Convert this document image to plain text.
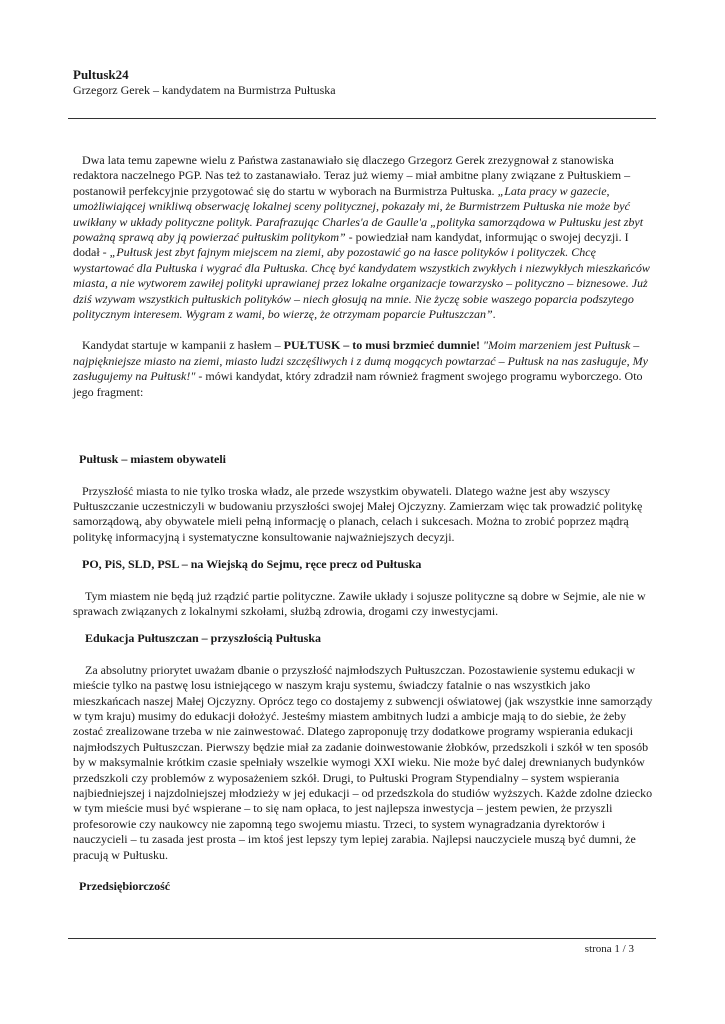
Pultusk24
Grzegorz Gerek – kandydatem na Burmistrza Pułtuska

Dwa lata temu zapewne wielu z Państwa zastanawiało się dlaczego Grzegorz Gerek zrezygnował z stanowiska redaktora naczelnego PGP. Nas też to zastanawiało. Teraz już wiemy – miał ambitne plany związane z Pułtuskiem – postanowił perfekcyjnie przygotować się do startu w wyborach na Burmistrza Pułtuska. „Lata pracy w gazecie, umożliwiającej wnikliwą obserwację lokalnej sceny politycznej, pokazały mi, że Burmistrzem Pułtuska nie może być uwikłany w układy polityczne polityk. Parafrazując Charles'a de Gaulle'a „polityka samorządowa w Pułtusku jest zbyt poważną sprawą aby ją powierzać pułtuskim politykom” - powiedział nam kandydat, informując o swojej decyzji. I dodał - „Pułtusk jest zbyt fajnym miejscem na ziemi, aby pozostawić go na łasce polityków i polityczek. Chcę wystartować dla Pułtuska i wygrać dla Pułtuska. Chcę być kandydatem wszystkich zwykłych i niezwykłych mieszkańców miasta, a nie wytworem zawiłej polityki uprawianej przez lokalne organizacje towarzysko – polityczno – biznesowe. Już dziś wzywam wszystkich pułtuskich polityków – niech głosują na mnie. Nie życzę sobie waszego poparcia podszytego politycznym interesem. Wygram z wami, bo wierzę, że otrzymam poparcie Pułtuszczan”.

Kandydat startuje w kampanii z hasłem – PUŁTUSK – to musi brzmieć dumnie! "Moim marzeniem jest Pułtusk – najpiękniejsze miasto na ziemi, miasto ludzi szczęśliwych i z dumą mogących powtarzać – Pułtusk na nas zasługuje, My zasługujemy na Pułtusk!" - mówi kandydat, który zdradził nam również fragment swojego programu wyborczego. Oto jego fragment:

Pułtusk – miastem obywateli

Przyszłość miasta to nie tylko troska władz, ale przede wszystkim obywateli. Dlatego ważne jest aby wszyscy Pułtuszczanie uczestniczyli w budowaniu przyszłości swojej Małej Ojczyzny. Zamierzam więc tak prowadzić politykę samorządową, aby obywatele mieli pełną informację o planach, celach i sukcesach. Można to zrobić poprzez mądrą politykę informacyjną i systematyczne konsultowanie najważniejszych decyzji.

PO, PiS, SLD, PSL – na Wiejską do Sejmu, ręce precz od Pułtuska

Tym miastem nie będą już rządzić partie polityczne. Zawiłe układy i sojusze polityczne są dobre w Sejmie, ale nie w sprawach związanych z lokalnymi szkołami, służbą zdrowia, drogami czy inwestycjami.

Edukacja Pułtuszczan – przyszłością Pułtuska

Za absolutny priorytet uważam dbanie o przyszłość najmłodszych Pułtuszczan. Pozostawienie systemu edukacji w mieście tylko na pastwę losu istniejącego w naszym kraju systemu, świadczy fatalnie o nas wszystkich jako mieszkańcach naszej Małej Ojczyzny. Oprócz tego co dostajemy z subwencji oświatowej (jak wszystkie inne samorządy w tym kraju) musimy do edukacji dołożyć. Jesteśmy miastem ambitnych ludzi a ambicje mają to do siebie, że żeby zostać zrealizowane trzeba w nie zainwestować. Dlatego zaproponuję trzy dodatkowe programy wspierania edukacji najmłodszych Pułtuszczan. Pierwszy będzie miał za zadanie doinwestowanie żłobków, przedszkoli i szkół w ten sposób by w maksymalnie krótkim czasie spełniały wszelkie wymogi XXI wieku. Nie może być dalej drewnianych budynków przedszkoli czy problemów z wyposażeniem szkół. Drugi, to Pułtuski Program Stypendialny – system wspierania najbiedniejszej i najzdolniejszej młodzieży w jej edukacji – od przedszkola do studiów wyższych. Każde zdolne dziecko w tym mieście musi być wspierane – to się nam opłaca, to jest najlepsza inwestycja – jestem pewien, że przyszli profesorowie czy naukowcy nie zapomną tego swojemu miastu. Trzeci, to system wynagradzania dyrektorów i nauczycieli – tu zasada jest prosta – im ktoś jest lepszy tym lepiej zarabia. Najlepsi nauczyciele muszą być dumni, że pracują w Pułtusku.

Przedsiębiorczość
strona 1 / 3
